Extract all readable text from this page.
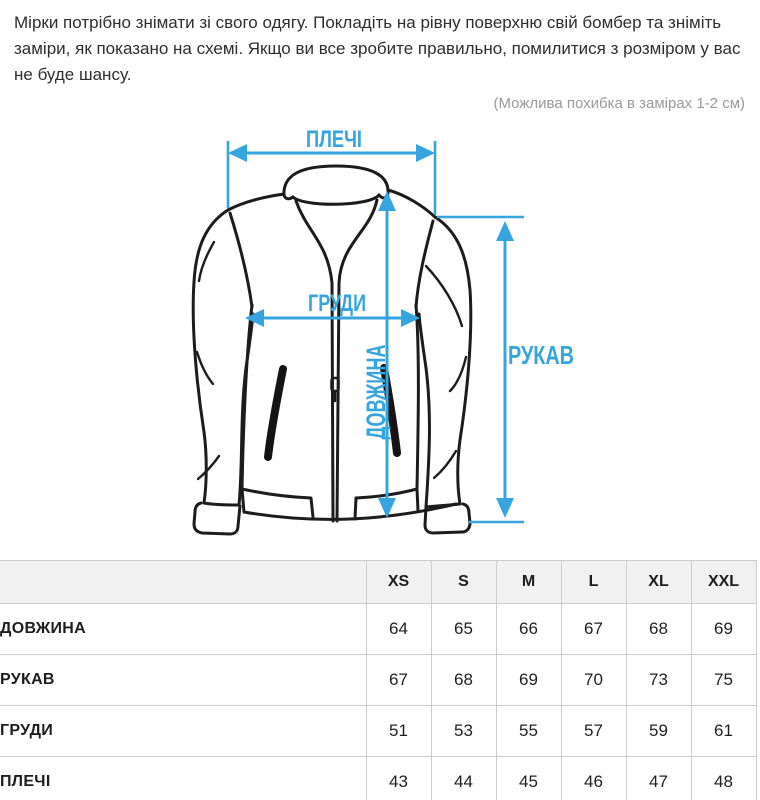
Мірки потрібно знімати зі свого одягу. Покладіть на рівну поверхню свій бомбер та зніміть заміри, як показано на схемі. Якщо ви все зробите правильно, помилитися з розміром у вас не буде шансу.

(Можлива похибка в замірах 1-2 см)

ПЛЕЧІ
ГРУДИ
ДОВЖИНА	РУКАВ
	XS	S	M	L	XL	XXL
ДОВЖИНА	64	65	66	67	68	69
РУКАВ	67	68	69	70	73	75
ГРУДИ	51	53	55	57	59	61
ПЛЕЧІ	43	44	45	46	47	48
